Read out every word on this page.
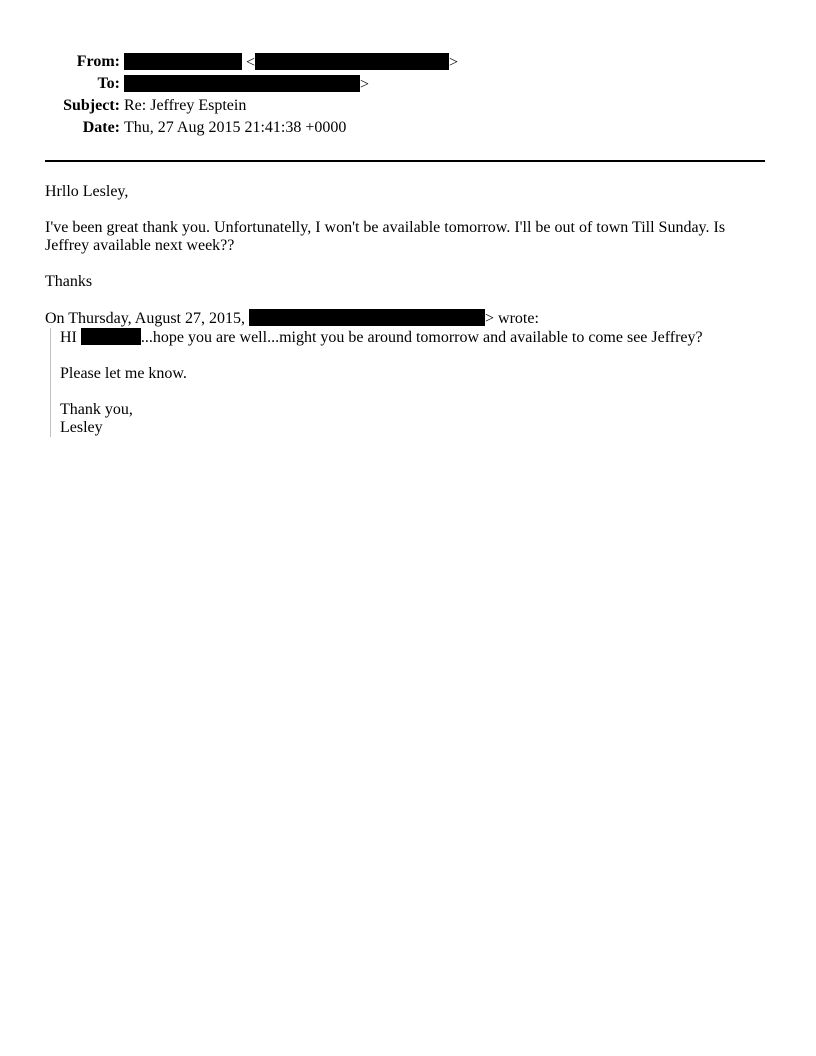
From:	<	>
To:	>
Subject: Re: Jeffrey Esptein
Date: Thu, 27 Aug 2015 21:41:38 +0000

Hrllo Lesley,

I've been great thank you. Unfortunatelly, I won't be available tomorrow. I'll be out of town Till Sunday. Is Jeffrey available next week??

Thanks

On Thursday, August 27, 2015,	> wrote:

HI	...hope you are well...might you be around tomorrow and available to come see Jeffrey?

Please let me know.

Thank you,
Lesley
